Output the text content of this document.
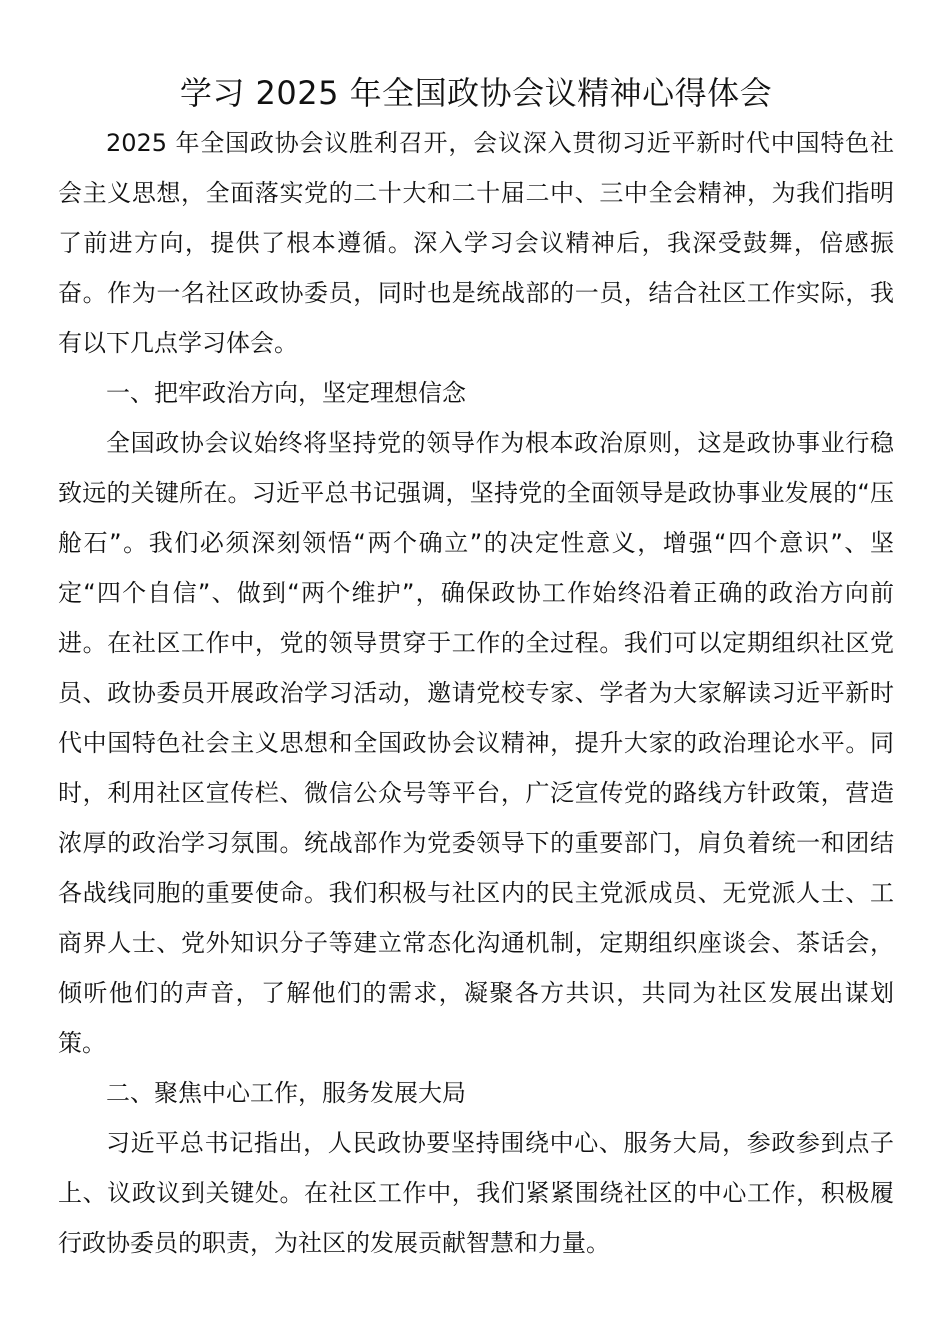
学习 2025 年全国政协会议精神心得体会

2025 年全国政协会议胜利召开，会议深入贯彻习近平新时代中国特色社会主义思想，全面落实党的二十大和二十届二中、三中全会精神，为我们指明了前进方向，提供了根本遵循。深入学习会议精神后，我深受鼓舞，倍感振奋。作为一名社区政协委员，同时也是统战部的一员，结合社区工作实际，我有以下几点学习体会。

一、把牢政治方向，坚定理想信念

全国政协会议始终将坚持党的领导作为根本政治原则，这是政协事业行稳致远的关键所在。习近平总书记强调，坚持党的全面领导是政协事业发展的“压舱石”。我们必须深刻领悟“两个确立”的决定性意义，增强“四个意识”、坚定“四个自信”、做到“两个维护”，确保政协工作始终沿着正确的政治方向前进。在社区工作中，党的领导贯穿于工作的全过程。我们可以定期组织社区党员、政协委员开展政治学习活动，邀请党校专家、学者为大家解读习近平新时代中国特色社会主义思想和全国政协会议精神，提升大家的政治理论水平。同时，利用社区宣传栏、微信公众号等平台，广泛宣传党的路线方针政策，营造浓厚的政治学习氛围。统战部作为党委领导下的重要部门，肩负着统一和团结各战线同胞的重要使命。我们积极与社区内的民主党派成员、无党派人士、工商界人士、党外知识分子等建立常态化沟通机制，定期组织座谈会、茶话会，倾听他们的声音，了解他们的需求，凝聚各方共识，共同为社区发展出谋划策。

二、聚焦中心工作，服务发展大局

习近平总书记指出，人民政协要坚持围绕中心、服务大局，参政参到点子上、议政议到关键处。在社区工作中，我们紧紧围绕社区的中心工作，积极履行政协委员的职责，为社区的发展贡献智慧和力量。
